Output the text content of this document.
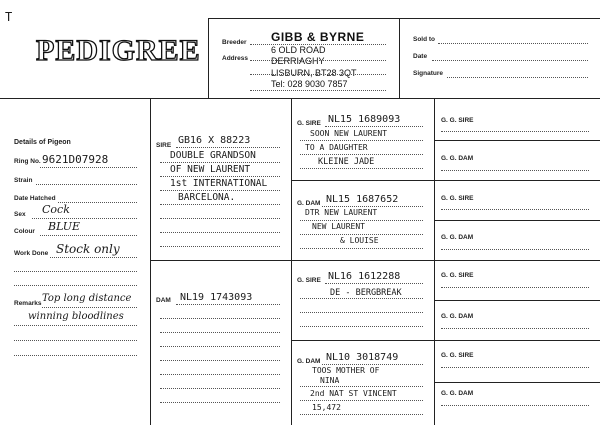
T
PEDIGREE	Breeder
Address
GIBB & BYRNE
6 OLD ROAD
DERRIAGHY
LISBURN, BT28 3QT
Tel: 028 9030 7857
Sold to
Date
Signature
Details of Pigeon
Ring No. 9621D07928
Strain
Date Hatched
Sex Cock
Colour BLUE
Work Done Stock only
Remarks Top long distance
winning bloodlines
SIRE GB16 X 88223
DOUBLE GRANDSON
OF NEW LAURENT
1st INTERNATIONAL
BARCELONA.
DAM NL19 1743093
G. SIRE NL15 1689093
SOON NEW LAURENT
TO A DAUGHTER
KLEINE JADE
G. DAM NL15 1687652
DTR NEW LAURENT
NEW LAURENT
& LOUISE
G. SIRE NL16 1612288
DE - BERGBREAK
G. DAM NL10 3018749
TOOS MOTHER OF
NINA
2nd NAT ST VINCENT
15,472
G. G. SIRE
G. G. DAM
G. G. SIRE
G. G. DAM
G. G. SIRE
G. G. DAM
G. G. SIRE
G. G. DAM
